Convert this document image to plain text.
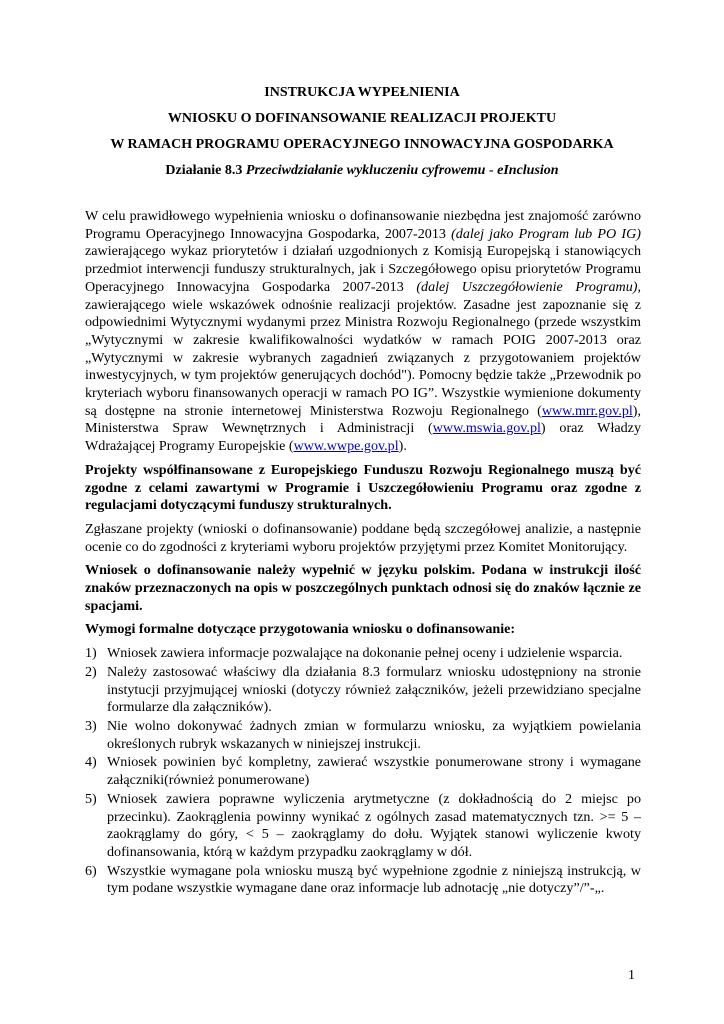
INSTRUKCJA WYPEŁNIENIA
WNIOSKU O DOFINANSOWANIE REALIZACJI PROJEKTU
W RAMACH PROGRAMU OPERACYJNEGO INNOWACYJNA GOSPODARKA
Działanie 8.3 Przeciwdziałanie wykluczeniu cyfrowemu - eInclusion

W celu prawidłowego wypełnienia wniosku o dofinansowanie niezbędna jest znajomość zarówno Programu Operacyjnego Innowacyjna Gospodarka, 2007-2013 (dalej jako Program lub PO IG) zawierającego wykaz priorytetów i działań uzgodnionych z Komisją Europejską i stanowiących przedmiot interwencji funduszy strukturalnych, jak i Szczegółowego opisu priorytetów Programu Operacyjnego Innowacyjna Gospodarka 2007-2013 (dalej Uszczegółowienie Programu), zawierającego wiele wskazówek odnośnie realizacji projektów. Zasadne jest zapoznanie się z odpowiednimi Wytycznymi wydanymi przez Ministra Rozwoju Regionalnego (przede wszystkim „Wytycznymi w zakresie kwalifikowalności wydatków w ramach POIG 2007-2013 oraz „Wytycznymi w zakresie wybranych zagadnień związanych z przygotowaniem projektów inwestycyjnych, w tym projektów generujących dochód"). Pomocny będzie także „Przewodnik po kryteriach wyboru finansowanych operacji w ramach PO IG”. Wszystkie wymienione dokumenty są dostępne na stronie internetowej Ministerstwa Rozwoju Regionalnego (www.mrr.gov.pl), Ministerstwa Spraw Wewnętrznych i Administracji (www.mswia.gov.pl) oraz Władzy Wdrażającej Programy Europejskie (www.wwpe.gov.pl).

Projekty współfinansowane z Europejskiego Funduszu Rozwoju Regionalnego muszą być zgodne z celami zawartymi w Programie i Uszczegółowieniu Programu oraz zgodne z regulacjami dotyczącymi funduszy strukturalnych.

Zgłaszane projekty (wnioski o dofinansowanie) poddane będą szczegółowej analizie, a następnie ocenie co do zgodności z kryteriami wyboru projektów przyjętymi przez Komitet Monitorujący.

Wniosek o dofinansowanie należy wypełnić w języku polskim. Podana w instrukcji ilość znaków przeznaczonych na opis w poszczególnych punktach odnosi się do znaków łącznie ze spacjami.

Wymogi formalne dotyczące przygotowania wniosku o dofinansowanie:

1) Wniosek zawiera informacje pozwalające na dokonanie pełnej oceny i udzielenie wsparcia.
2) Należy zastosować właściwy dla działania 8.3 formularz wniosku udostępniony na stronie instytucji przyjmującej wnioski (dotyczy również załączników, jeżeli przewidziano specjalne formularze dla załączników).
3) Nie wolno dokonywać żadnych zmian w formularzu wniosku, za wyjątkiem powielania określonych rubryk wskazanych w niniejszej instrukcji.
4) Wniosek powinien być kompletny, zawierać wszystkie ponumerowane strony i wymagane załączniki(również ponumerowane)
5) Wniosek zawiera poprawne wyliczenia arytmetyczne (z dokładnością do 2 miejsc po przecinku). Zaokrąglenia powinny wynikać z ogólnych zasad matematycznych tzn. >= 5 – zaokrąglamy do góry, < 5 – zaokrąglamy do dołu. Wyjątek stanowi wyliczenie kwoty dofinansowania, którą w każdym przypadku zaokrąglamy w dół.
6) Wszystkie wymagane pola wniosku muszą być wypełnione zgodnie z niniejszą instrukcją, w tym podane wszystkie wymagane dane oraz informacje lub adnotację „nie dotyczy”/”-„.
1
